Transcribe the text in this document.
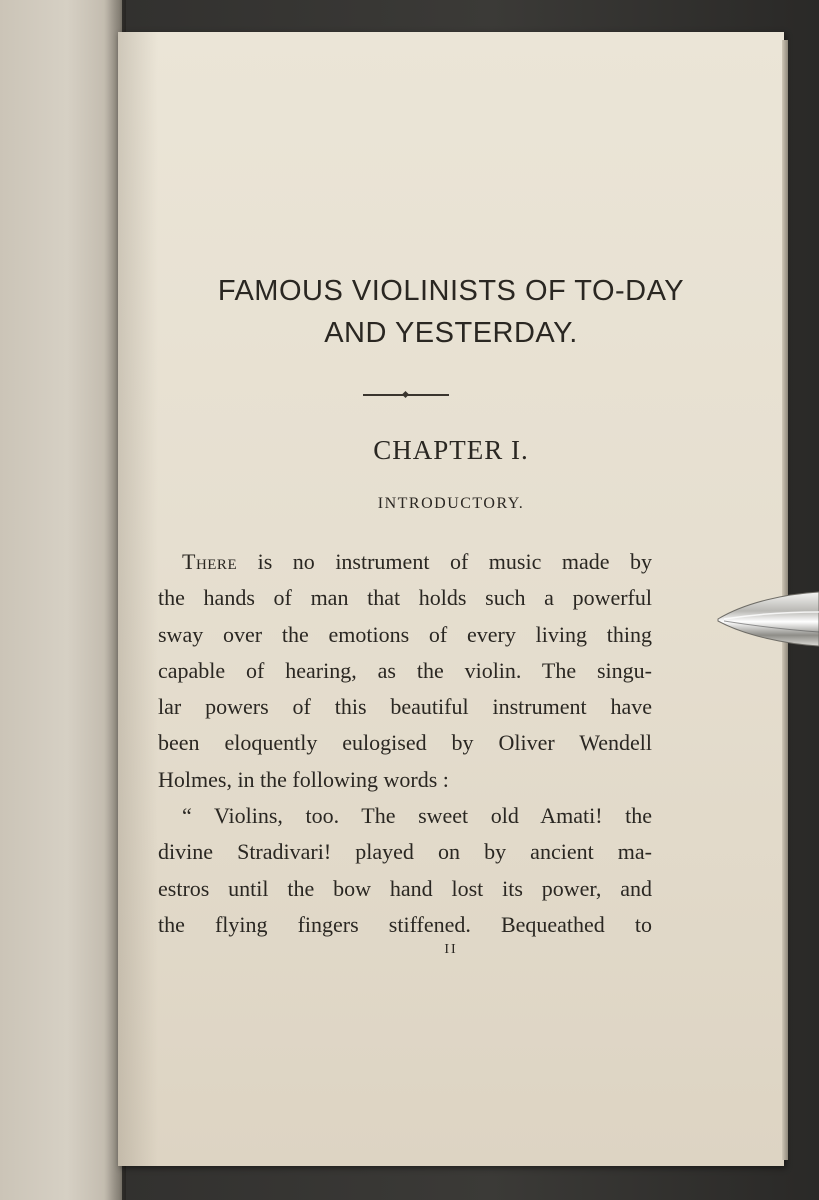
FAMOUS VIOLINISTS OF TO-DAY
AND YESTERDAY.
CHAPTER I.
INTRODUCTORY.
There is no instrument of music made by
the hands of man that holds such a powerful
sway over the emotions of every living thing
capable of hearing, as the violin. The singu-
lar powers of this beautiful instrument have
been eloquently eulogised by Oliver Wendell
Holmes, in the following words :
“ Violins, too. The sweet old Amati! the
divine Stradivari! played on by ancient ma-
estros until the bow hand lost its power, and
the flying fingers stiffened. Bequeathed to
II
